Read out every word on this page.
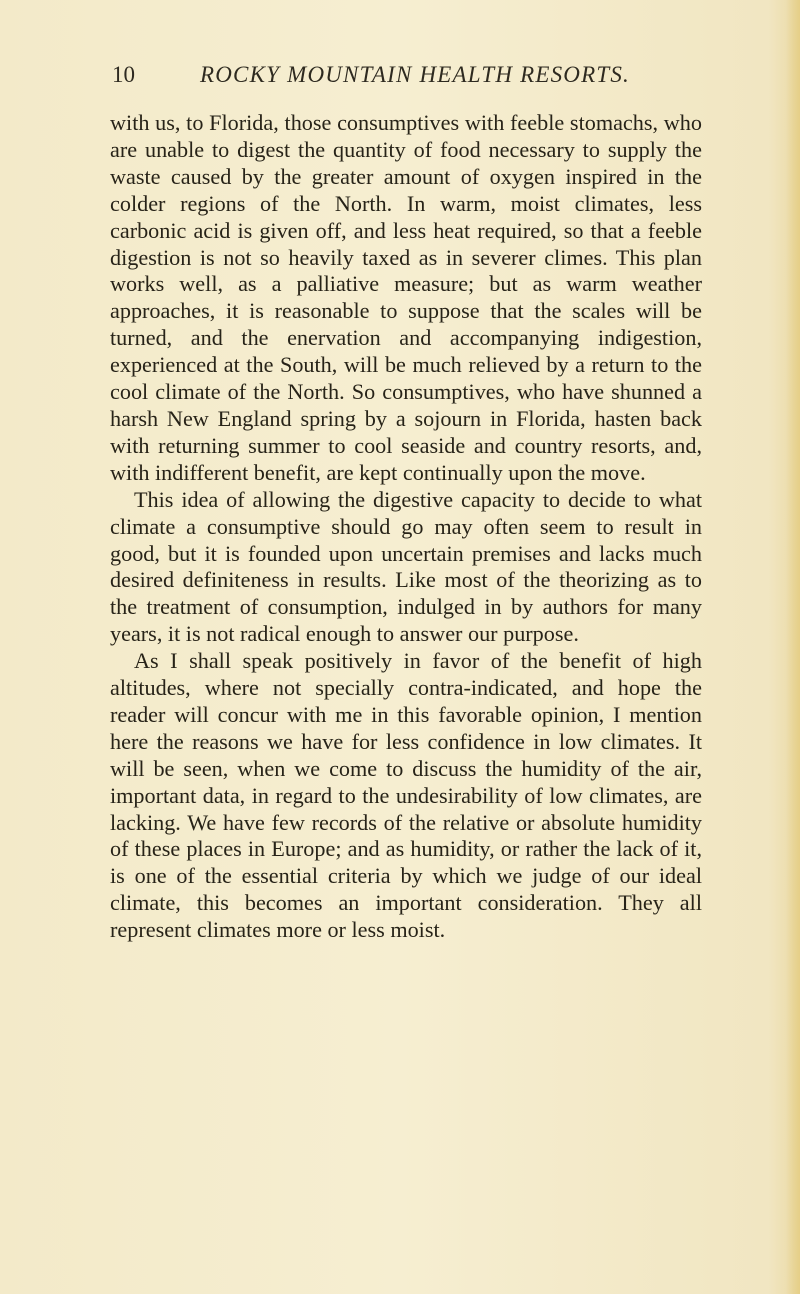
10	ROCKY MOUNTAIN HEALTH RESORTS.

with us, to Florida, those consumptives with feeble stomachs, who are unable to digest the quantity of food necessary to supply the waste caused by the greater amount of oxygen inspired in the colder regions of the North. In warm, moist climates, less carbonic acid is given off, and less heat required, so that a feeble digestion is not so heavily taxed as in severer climes. This plan works well, as a palliative measure; but as warm weather approaches, it is reasonable to suppose that the scales will be turned, and the enervation and accompanying indigestion, experienced at the South, will be much relieved by a return to the cool climate of the North. So consumptives, who have shunned a harsh New England spring by a sojourn in Florida, hasten back with returning summer to cool seaside and country resorts, and, with indifferent benefit, are kept continually upon the move.

This idea of allowing the digestive capacity to decide to what climate a consumptive should go may often seem to result in good, but it is founded upon uncertain premises and lacks much desired definiteness in results. Like most of the theorizing as to the treatment of consumption, indulged in by authors for many years, it is not radical enough to answer our purpose.

As I shall speak positively in favor of the benefit of high altitudes, where not specially contra-indicated, and hope the reader will concur with me in this favorable opinion, I mention here the reasons we have for less confidence in low climates. It will be seen, when we come to discuss the humidity of the air, important data, in regard to the undesirability of low climates, are lacking. We have few records of the relative or absolute humidity of these places in Europe; and as humidity, or rather the lack of it, is one of the essential criteria by which we judge of our ideal climate, this becomes an important consideration. They all represent climates more or less moist.
